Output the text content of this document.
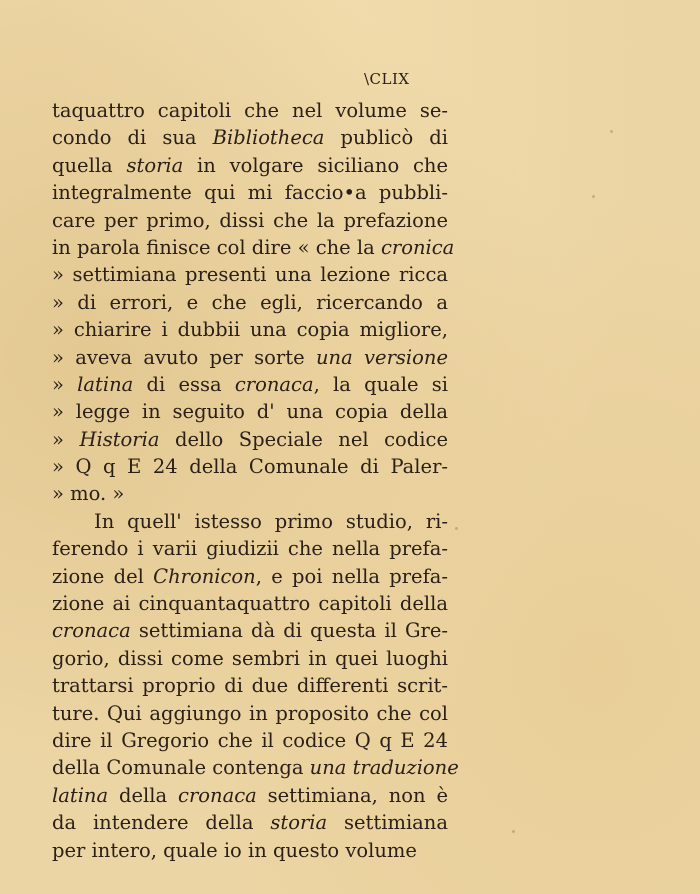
\CLIX
taquattro capitoli che nel volume se-
condo di sua Bibliotheca publicò di
quella storia in volgare siciliano che
integralmente qui mi faccio•a pubbli-
care per primo, dissi che la prefazione
in parola finisce col dire « che la cronica
» settimiana presenti una lezione ricca
» di errori, e che egli, ricercando a
» chiarire i dubbii una copia migliore,
» aveva avuto per sorte una versione
» latina di essa cronaca, la quale si
» legge in seguito d' una copia della
» Historia dello Speciale nel codice
» Q q E 24 della Comunale di Paler-
» mo. »
In quell' istesso primo studio, ri-
ferendo i varii giudizii che nella prefa-
zione del Chronicon, e poi nella prefa-
zione ai cinquantaquattro capitoli della
cronaca settimiana dà di questa il Gre-
gorio, dissi come sembri in quei luoghi
trattarsi proprio di due differenti scrit-
ture. Qui aggiungo in proposito che col
dire il Gregorio che il codice Q q E 24
della Comunale contenga una traduzione
latina della cronaca settimiana, non è
da intendere della storia settimiana
per intero, quale io in questo volume
